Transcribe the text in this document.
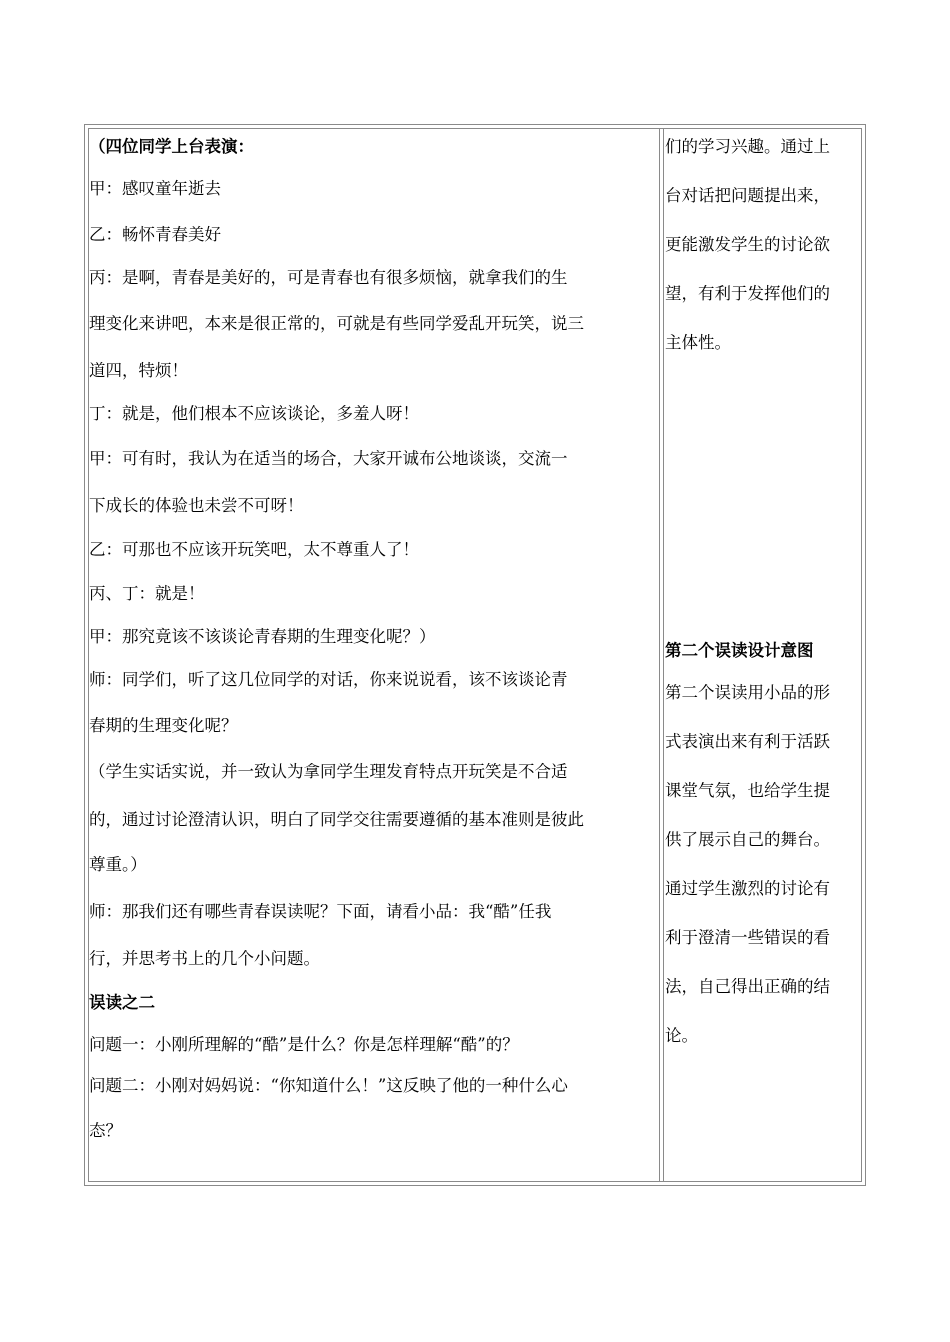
（四位同学上台表演：
甲：感叹童年逝去
乙：畅怀青春美好
丙：是啊，青春是美好的，可是青春也有很多烦恼，就拿我们的生
理变化来讲吧，本来是很正常的，可就是有些同学爱乱开玩笑，说三
道四，特烦！
丁：就是，他们根本不应该谈论，多羞人呀！
甲：可有时，我认为在适当的场合，大家开诚布公地谈谈，交流一
下成长的体验也未尝不可呀！
乙：可那也不应该开玩笑吧，太不尊重人了！
丙、丁：就是！
甲：那究竟该不该谈论青春期的生理变化呢？）
师：同学们，听了这几位同学的对话，你来说说看，该不该谈论青
春期的生理变化呢？
（学生实话实说，并一致认为拿同学生理发育特点开玩笑是不合适
的，通过讨论澄清认识，明白了同学交往需要遵循的基本准则是彼此
尊重。）
师：那我们还有哪些青春误读呢？下面，请看小品：我“酷”任我
行，并思考书上的几个小问题。
误读之二
问题一：小刚所理解的“酷”是什么？你是怎样理解“酷”的？
问题二：小刚对妈妈说：“你知道什么！”这反映了他的一种什么心
态？
们的学习兴趣。通过上
台对话把问题提出来，
更能激发学生的讨论欲
望，有利于发挥他们的
主体性。
第二个误读设计意图
第二个误读用小品的形
式表演出来有利于活跃
课堂气氛，也给学生提
供了展示自己的舞台。
通过学生激烈的讨论有
利于澄清一些错误的看
法，自己得出正确的结
论。
